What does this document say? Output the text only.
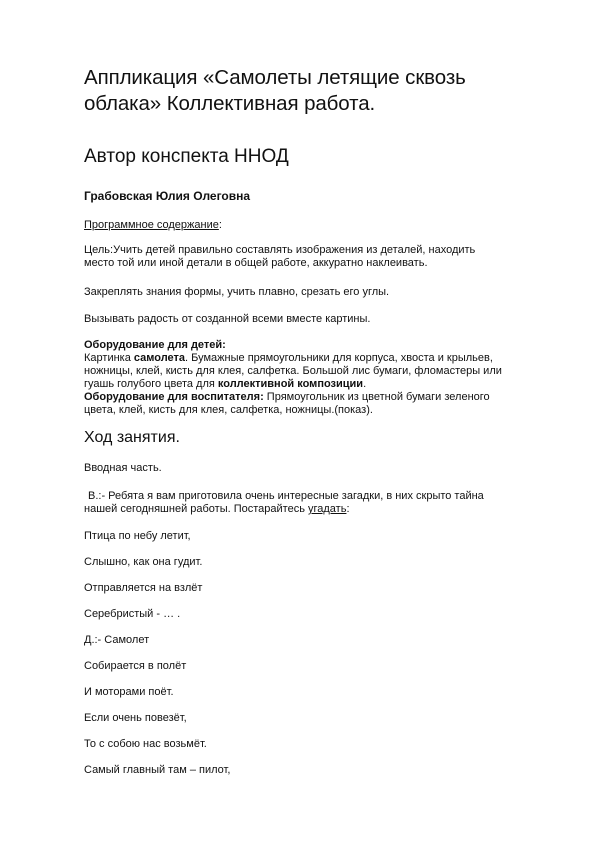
Аппликация «Самолеты летящие сквозь

облака» Коллективная работа.

Автор конспекта ННОД

Грабовская Юлия Олеговна

Программное содержание:

Цель:Учить детей правильно составлять изображения из деталей, находить

место той или иной детали в общей работе, аккуратно наклеивать.

Закреплять знания формы, учить плавно, срезать его углы.

Вызывать радость от созданной всеми вместе картины.

Оборудование для детей:
Картинка самолета. Бумажные прямоугольники для корпуса, хвоста и крыльев,
ножницы, клей, кисть для клея, салфетка. Большой лис бумаги, фломастеры или
гуашь голубого цвета для коллективной композиции.
Оборудование для воспитателя: Прямоугольник из цветной бумаги зеленого
цвета, клей, кисть для клея, салфетка, ножницы.(показ).

Ход занятия.

Вводная часть.

В.:- Ребята я вам приготовила очень интересные загадки, в них скрыто тайна

нашей сегодняшней работы. Постарайтесь угадать:

Птица по небу летит,

Слышно, как она гудит.

Отправляется на взлёт

Серебристый - … .

Д.:- Самолет

Собирается в полёт

И моторами поёт.

Если очень повезёт,

То с собою нас возьмёт.

Самый главный там – пилот,
